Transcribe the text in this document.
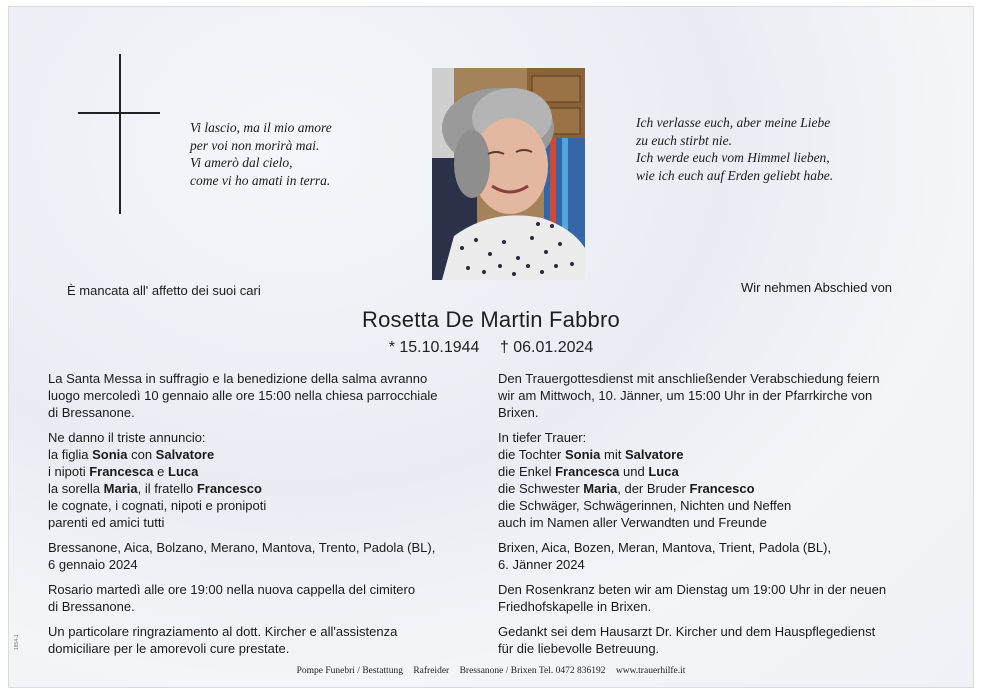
Vi lascio, ma il mio amore
per voi non morirà mai.
Vi amerò dal cielo,
come vi ho amati in terra.
Ich verlasse euch, aber meine Liebe
zu euch stirbt nie.
Ich werde euch vom Himmel lieben,
wie ich euch auf Erden geliebt habe.
È mancata all' affetto dei suoi cari	Wir nehmen Abschied von
Rosetta De Martin Fabbro
* 15.10.1944 † 06.01.2024

La Santa Messa in suffragio e la benedizione della salma avranno
luogo mercoledì 10 gennaio alle ore 15:00 nella chiesa parrocchiale
di Bressanone.

Ne danno il triste annuncio:
la figlia Sonia con Salvatore
i nipoti Francesca e Luca
la sorella Maria, il fratello Francesco
le cognate, i cognati, nipoti e pronipoti
parenti ed amici tutti

Bressanone, Aica, Bolzano, Merano, Mantova, Trento, Padola (BL),
6 gennaio 2024

Rosario martedì alle ore 19:00 nella nuova cappella del cimitero
di Bressanone.

Un particolare ringraziamento al dott. Kircher e all'assistenza
domiciliare per le amorevoli cure prestate.

Den Trauergottesdienst mit anschließender Verabschiedung feiern
wir am Mittwoch, 10. Jänner, um 15:00 Uhr in der Pfarrkirche von
Brixen.

In tiefer Trauer:
die Tochter Sonia mit Salvatore
die Enkel Francesca und Luca
die Schwester Maria, der Bruder Francesco
die Schwäger, Schwägerinnen, Nichten und Neffen
auch im Namen aller Verwandten und Freunde

Brixen, Aica, Bozen, Meran, Mantova, Trient, Padola (BL),
6. Jänner 2024

Den Rosenkranz beten wir am Dienstag um 19:00 Uhr in der neuen
Friedhofskapelle in Brixen.

Gedankt sei dem Hausarzt Dr. Kircher und dem Hauspflegedienst
für die liebevolle Betreuung.

Pompe Funebri / Bestattung Rafreider Bressanone / Brixen Tel. 0472 836192 www.trauerhilfe.it
1854-1
